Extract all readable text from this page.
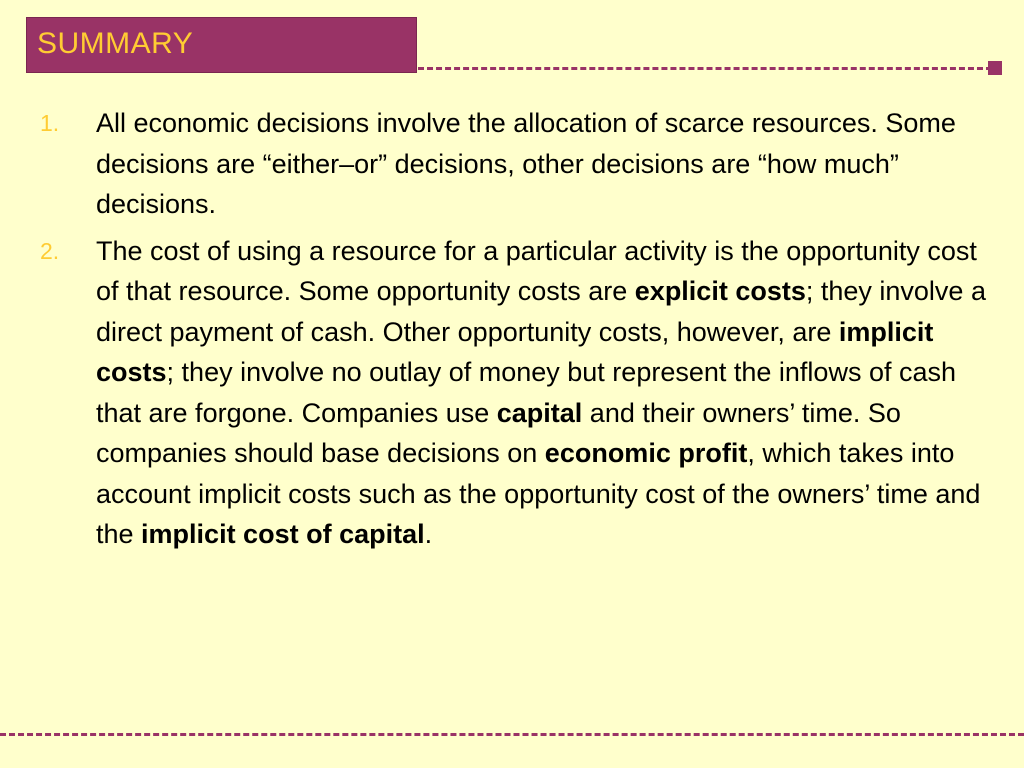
SUMMARY
1. All economic decisions involve the allocation of scarce resources. Some decisions are “either–or” decisions, other decisions are “how much” decisions.
2. The cost of using a resource for a particular activity is the opportunity cost of that resource. Some opportunity costs are explicit costs; they involve a direct payment of cash. Other opportunity costs, however, are implicit costs; they involve no outlay of money but represent the inflows of cash that are forgone. Companies use capital and their owners’ time. So companies should base decisions on economic profit, which takes into account implicit costs such as the opportunity cost of the owners’ time and the implicit cost of capital.
